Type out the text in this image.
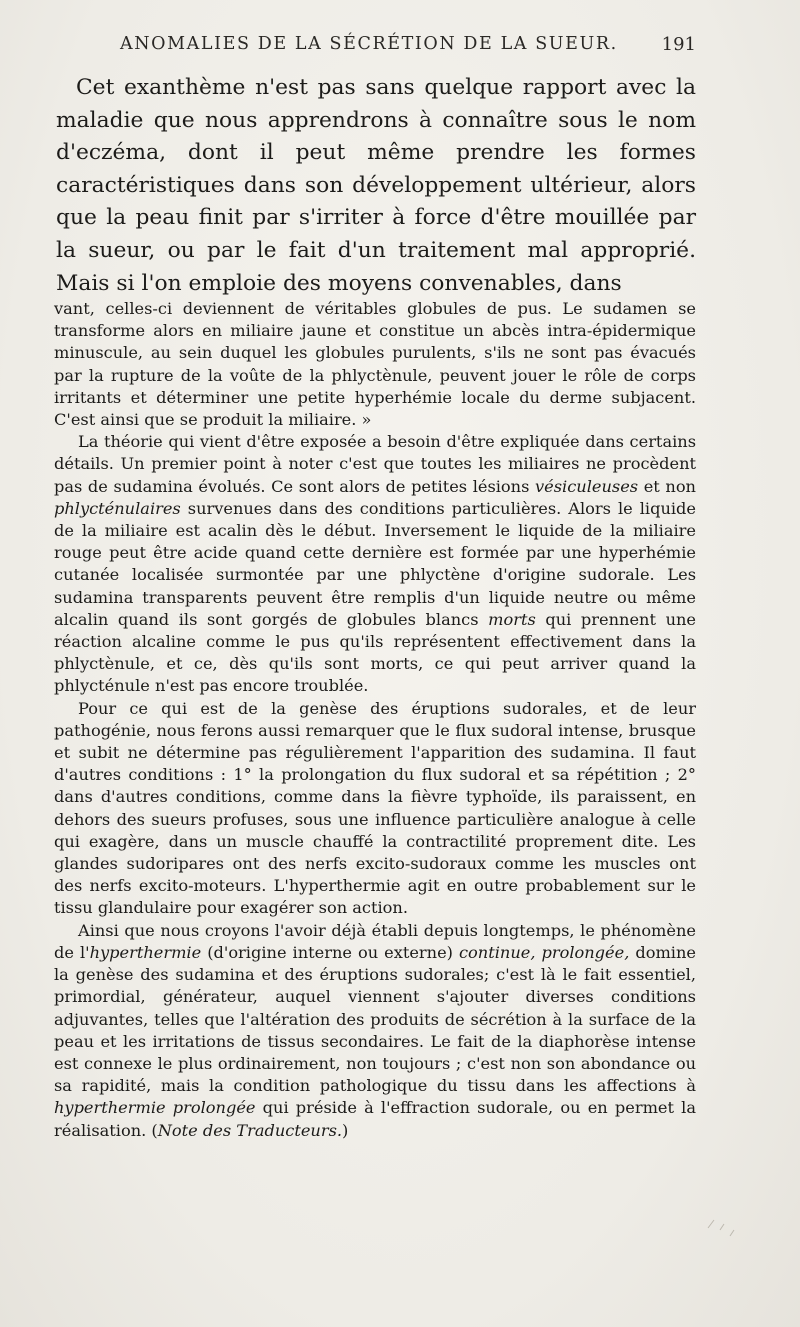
ANOMALIES DE LA SÉCRÉTION DE LA SUEUR. 191

Cet exanthème n'est pas sans quelque rapport avec la maladie que nous apprendrons à connaître sous le nom d'eczéma, dont il peut même prendre les formes caractéristiques dans son développement ultérieur, alors que la peau finit par s'irriter à force d'être mouillée par la sueur, ou par le fait d'un traitement mal approprié. Mais si l'on emploie des moyens convenables, dans

vant, celles-ci deviennent de véritables globules de pus. Le sudamen se transforme alors en miliaire jaune et constitue un abcès intra-épidermique minuscule, au sein duquel les globules purulents, s'ils ne sont pas évacués par la rupture de la voûte de la phlyctènule, peuvent jouer le rôle de corps irritants et déterminer une petite hyperhémie locale du derme subjacent. C'est ainsi que se produit la miliaire. »

La théorie qui vient d'être exposée a besoin d'être expliquée dans certains détails. Un premier point à noter c'est que toutes les miliaires ne procèdent pas de sudamina évolués. Ce sont alors de petites lésions vésiculeuses et non phlycténulaires survenues dans des conditions particulières. Alors le liquide de la miliaire est acalin dès le début. Inversement le liquide de la miliaire rouge peut être acide quand cette dernière est formée par une hyperhémie cutanée localisée surmontée par une phlyctène d'origine sudorale. Les sudamina transparents peuvent être remplis d'un liquide neutre ou même alcalin quand ils sont gorgés de globules blancs morts qui prennent une réaction alcaline comme le pus qu'ils représentent effectivement dans la phlyctènule, et ce, dès qu'ils sont morts, ce qui peut arriver quand la phlycténule n'est pas encore troublée.

Pour ce qui est de la genèse des éruptions sudorales, et de leur pathogénie, nous ferons aussi remarquer que le flux sudoral intense, brusque et subit ne détermine pas régulièrement l'apparition des sudamina. Il faut d'autres conditions : 1° la prolongation du flux sudoral et sa répétition ; 2° dans d'autres conditions, comme dans la fièvre typhoïde, ils paraissent, en dehors des sueurs profuses, sous une influence particulière analogue à celle qui exagère, dans un muscle chauffé la contractilité proprement dite. Les glandes sudoripares ont des nerfs excito-sudoraux comme les muscles ont des nerfs excito-moteurs. L'hyperthermie agit en outre probablement sur le tissu glandulaire pour exagérer son action.

Ainsi que nous croyons l'avoir déjà établi depuis longtemps, le phénomène de l'hyperthermie (d'origine interne ou externe) continue, prolongée, domine la genèse des sudamina et des éruptions sudorales; c'est là le fait essentiel, primordial, générateur, auquel viennent s'ajouter diverses conditions adjuvantes, telles que l'altération des produits de sécrétion à la surface de la peau et les irritations de tissus secondaires. Le fait de la diaphorèse intense est connexe le plus ordinairement, non toujours ; c'est non son abondance ou sa rapidité, mais la condition pathologique du tissu dans les affections à hyperthermie prolongée qui préside à l'effraction sudorale, ou en permet la réalisation. (Note des Traducteurs.)
